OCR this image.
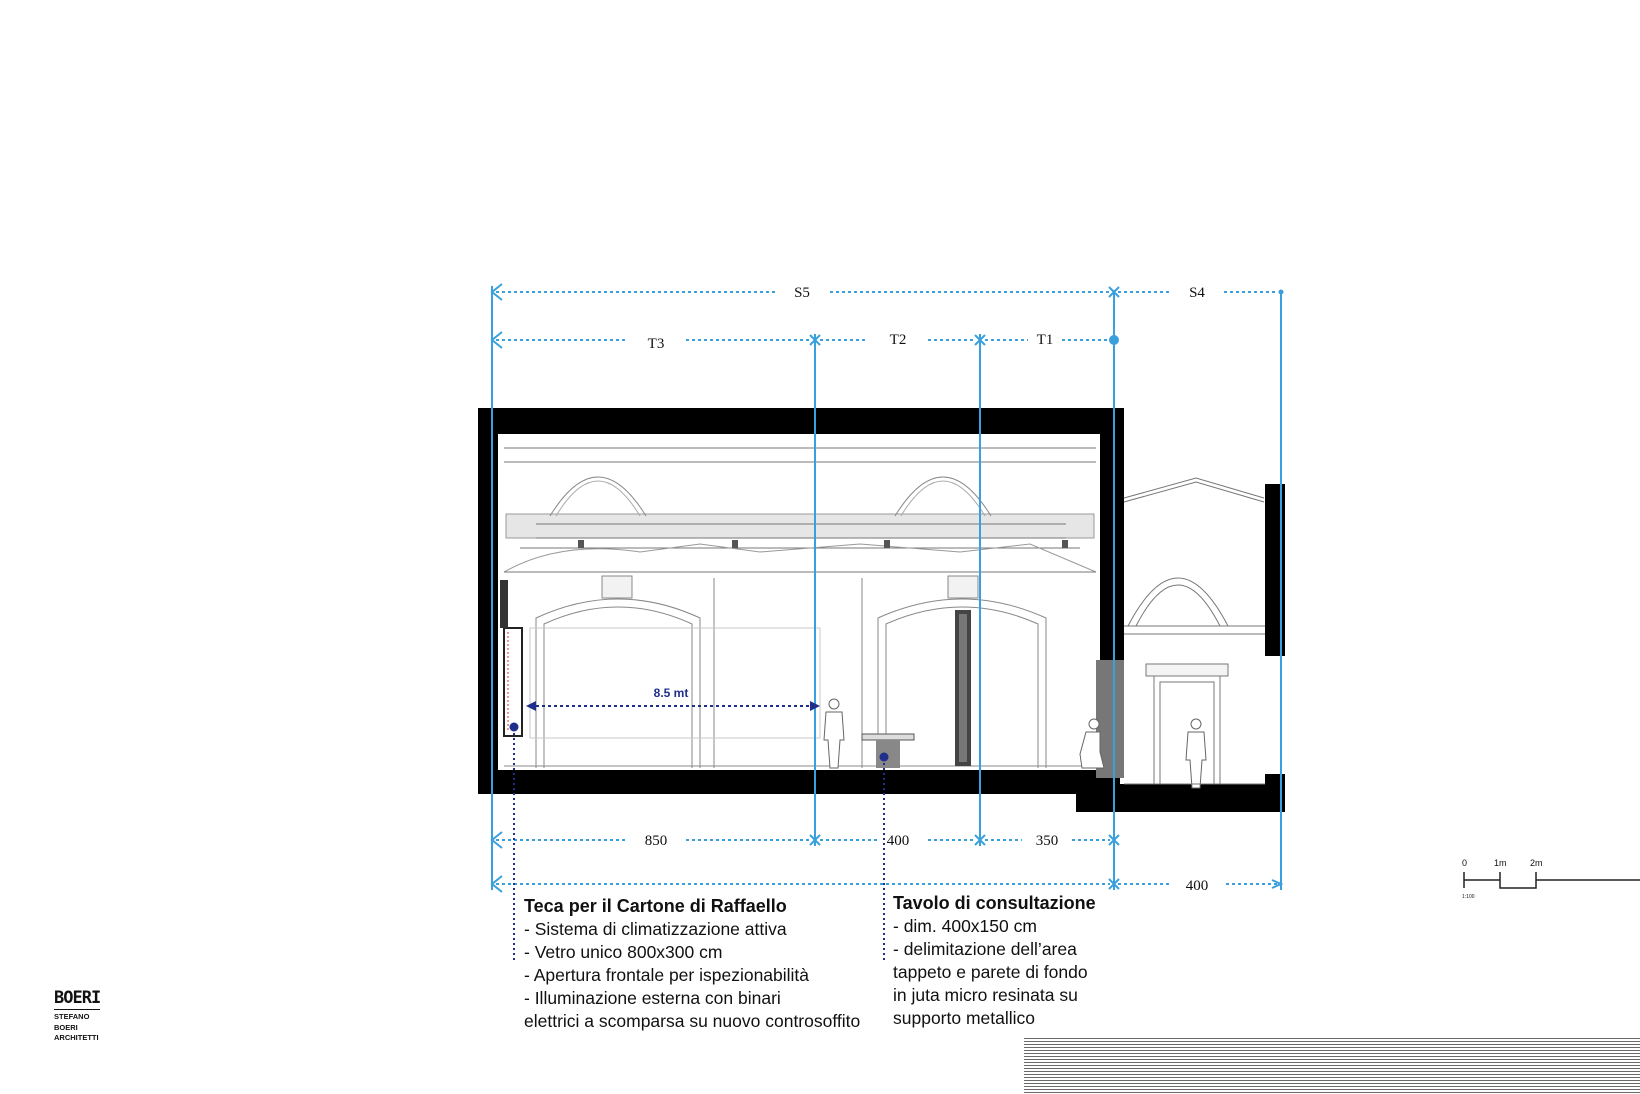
S5	S4
T3	T2	T1
850	400	350
400
8.5 mt
Teca per il Cartone di Raffaello
- Sistema di climatizzazione attiva
- Vetro unico 800x300 cm
- Apertura frontale per ispezionabilità
- Illuminazione esterna con binari
elettrici a scomparsa su nuovo controsoffito
Tavolo di consultazione
- dim. 400x150 cm
- delimitazione dell’area
tappeto e parete di fondo
in juta micro resinata su
supporto metallico
BOERI
STEFANO
BOERI
ARCHITETTI
0	1m	2m
1:100
